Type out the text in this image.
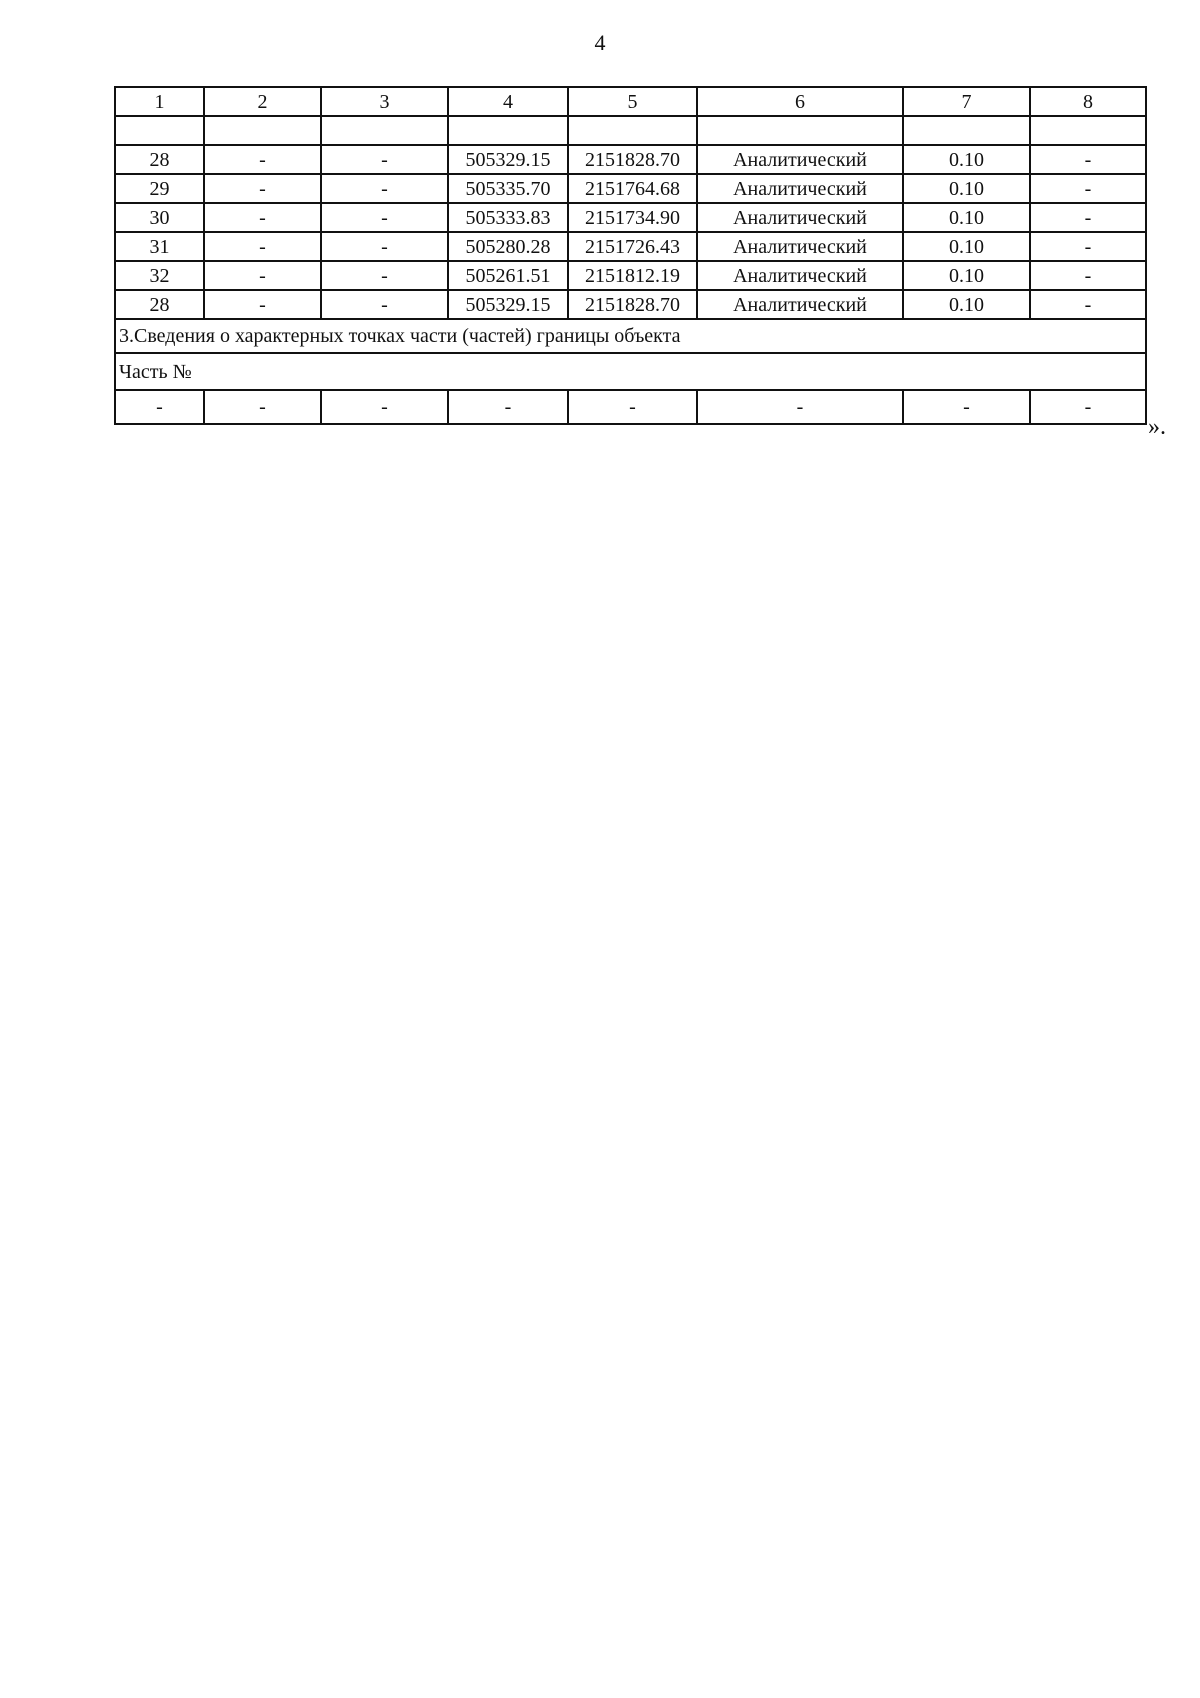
4
1	2	3	4	5	6	7	8

28	-	-	505329.15	2151828.70	Аналитический	0.10	-
29	-	-	505335.70	2151764.68	Аналитический	0.10	-
30	-	-	505333.83	2151734.90	Аналитический	0.10	-
31	-	-	505280.28	2151726.43	Аналитический	0.10	-
32	-	-	505261.51	2151812.19	Аналитический	0.10	-
28	-	-	505329.15	2151828.70	Аналитический	0.10	-
3.Сведения о характерных точках части (частей) границы объекта							
Часть №							
-	-	-	-	-	-	-	-
».
